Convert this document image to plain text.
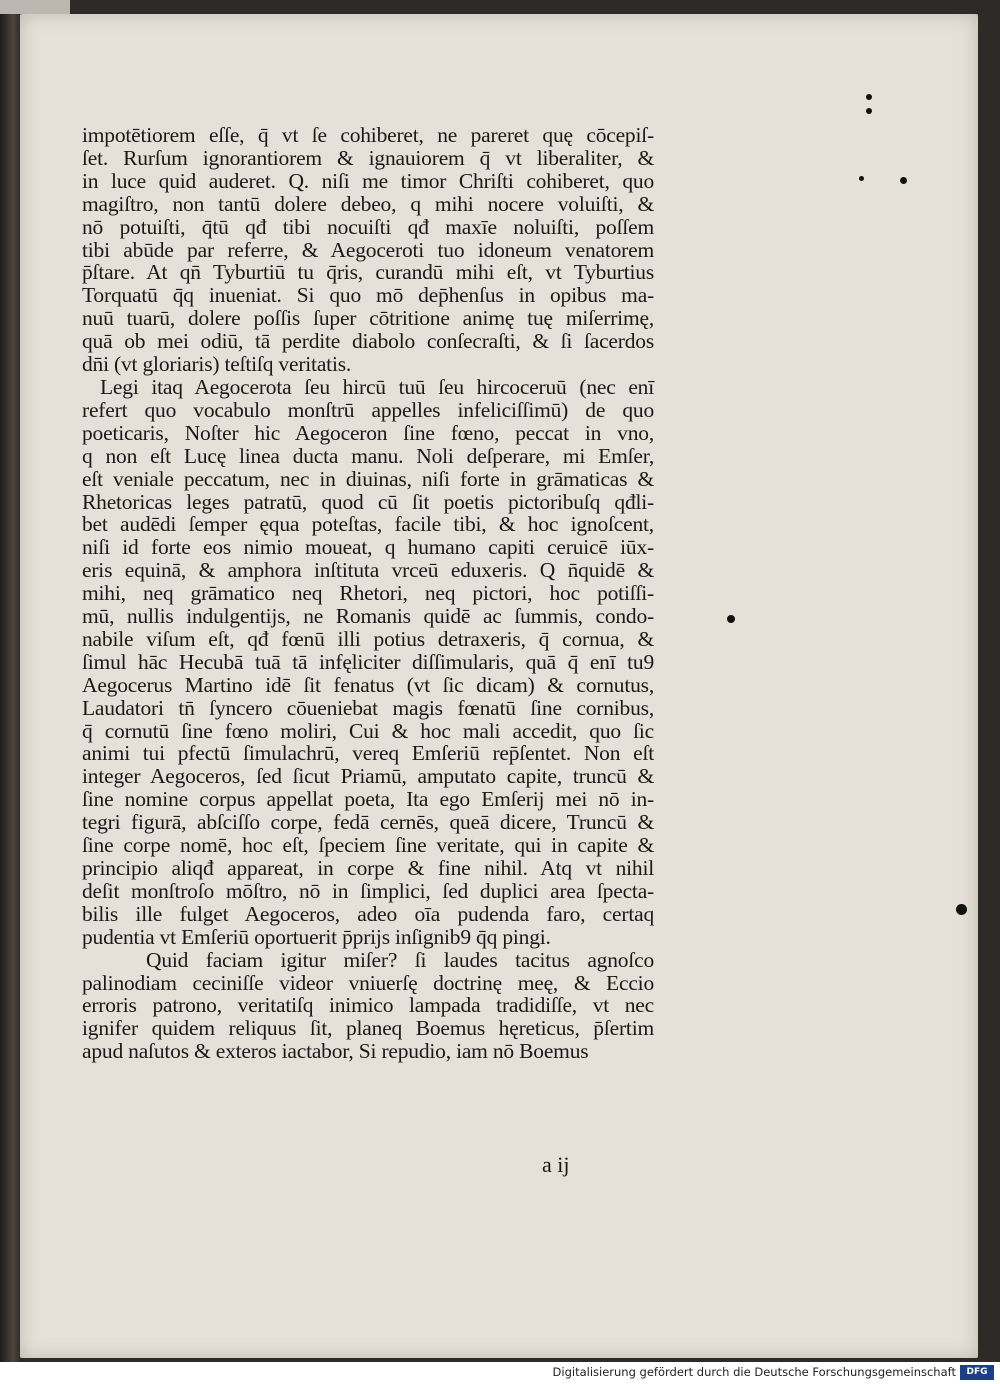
impotētiorem eſſe, q̄ vt ſe cohiberet, ne pareret quę cōcepiſ-
ſet. Rurſum ignorantiorem & ignauiorem q̄ vt liberaliter, &
in luce quid auderet. Q. niſi me timor Chriſti cohiberet, quo
magiſtro, non tantū dolere debeo, q mihi nocere voluiſti, &
nō potuiſti, q̄tū qđ tibi nocuiſti qđ maxīe noluiſti, poſſem
tibi abūde par referre, & Aegoceroti tuo idoneum venatorem
p̄ſtare. At qn̄ Tyburtiū tu q̄ris, curandū mihi eſt, vt Tyburtius
Torquatū q̄q inueniat. Si quo mō dep̄henſus in opibus ma-
nuū tuarū, dolere poſſis ſuper cōtritione animę tuę miſerrimę,
quā ob mei odiū, tā perdite diabolo conſecraſti, & ſi ſacerdos
dn̄i (vt gloriaris) teſtiſq veritatis.
Legi itaq Aegocerota ſeu hircū tuū ſeu hircoceruū (nec enī
refert quo vocabulo monſtrū appelles infeliciſſimū) de quo
poeticaris, Noſter hic Aegoceron ſine fœno, peccat in vno,
q non eſt Lucę linea ducta manu. Noli deſperare, mi Emſer,
eſt veniale peccatum, nec in diuinas, niſi forte in grāmaticas &
Rhetoricas leges patratū, quod cū ſit poetis pictoribuſq qđli-
bet audēdi ſemper ęqua poteſtas, facile tibi, & hoc ignoſcent,
niſi id forte eos nimio moueat, q humano capiti ceruicē iūx-
eris equinā, & amphora inſtituta vrceū eduxeris. Q n̄quidē &
mihi, neq grāmatico neq Rhetori, neq pictori, hoc potiſſi-
mū, nullis indulgentijs, ne Romanis quidē ac ſummis, condo-
nabile viſum eſt, qđ fœnū illi potius detraxeris, q̄ cornua, &
ſimul hāc Hecubā tuā tā infęliciter diſſimularis, quā q̄ enī tu9
Aegocerus Martino idē ſit fenatus (vt ſic dicam) & cornutus,
Laudatori tn̄ ſyncero cōueniebat magis fœnatū ſine cornibus,
q̄ cornutū ſine fœno moliri, Cui & hoc mali accedit, quo ſic
animi tui pfectū ſimulachrū, vereq Emſeriū rep̄ſentet. Non eſt
integer Aegoceros, ſed ſicut Priamū, amputato capite, truncū &
ſine nomine corpus appellat poeta, Ita ego Emſerij mei nō in-
tegri figurā, abſciſſo corpe, fedā cernēs, queā dicere, Truncū &
ſine corpe nomē, hoc eſt, ſpeciem ſine veritate, qui in capite &
principio aliqđ appareat, in corpe & fine nihil. Atq vt nihil
deſit monſtroſo mōſtro, nō in ſimplici, ſed duplici area ſpecta-
bilis ille fulget Aegoceros, adeo oīa pudenda faro, certaq
pudentia vt Emſeriū oportuerit p̄prijs inſignib9 q̄q pingi.
Quid faciam igitur miſer? ſi laudes tacitus agnoſco
palinodiam ceciniſſe videor vniuerſę doctrinę meę, & Eccio
erroris patrono, veritatiſq inimico lampada tradidiſſe, vt nec
ignifer quidem reliquus ſit, planeq Boemus hęreticus, p̄ſertim
apud naſutos & exteros iactabor, Si repudio, iam nō Boemus
a ij
Digitalisierung gefördert durch die Deutsche Forschungsgemeinschaft	DFG
